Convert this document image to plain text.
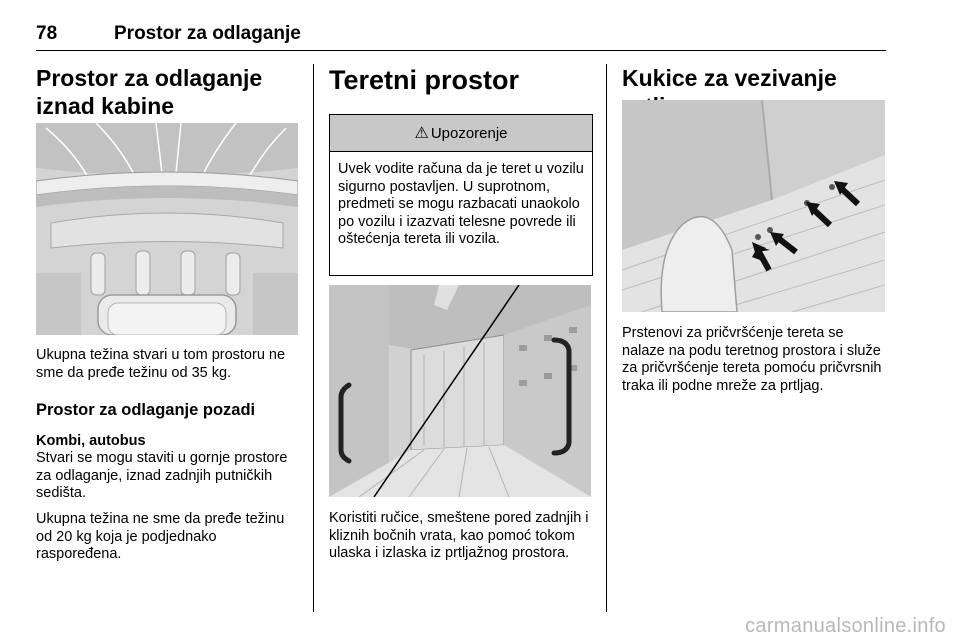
78	Prostor za odlaganje
Prostor za odlaganje iznad kabine

Ukupna težina stvari u tom prostoru ne sme da pređe težinu od 35 kg.

Prostor za odlaganje pozadi
Kombi, autobus

Stvari se mogu staviti u gornje prostore za odlaganje, iznad zadnjih putničkih sedišta.

Ukupna težina ne sme da pređe težinu od 20 kg koja je podjednako raspoređena.

Teretni prostor
⚠ Upozorenje

Uvek vodite računa da je teret u vozilu sigurno postavljen. U suprotnom, predmeti se mogu razbacati unaokolo po vozilu i izazvati telesne povrede ili oštećenja tereta ili vozila.

Koristiti ručice, smeštene pored zadnjih i kliznih bočnih vrata, kao pomoć tokom ulaska i izlaska iz prtljažnog prostora.

Kukice za vezivanje

Prstenovi za pričvršćenje tereta se nalaze na podu teretnog prostora i služe za pričvršćenje tereta pomoću pričvrsnih traka ili podne mreže za prtljag.

carmanualsonline.info
